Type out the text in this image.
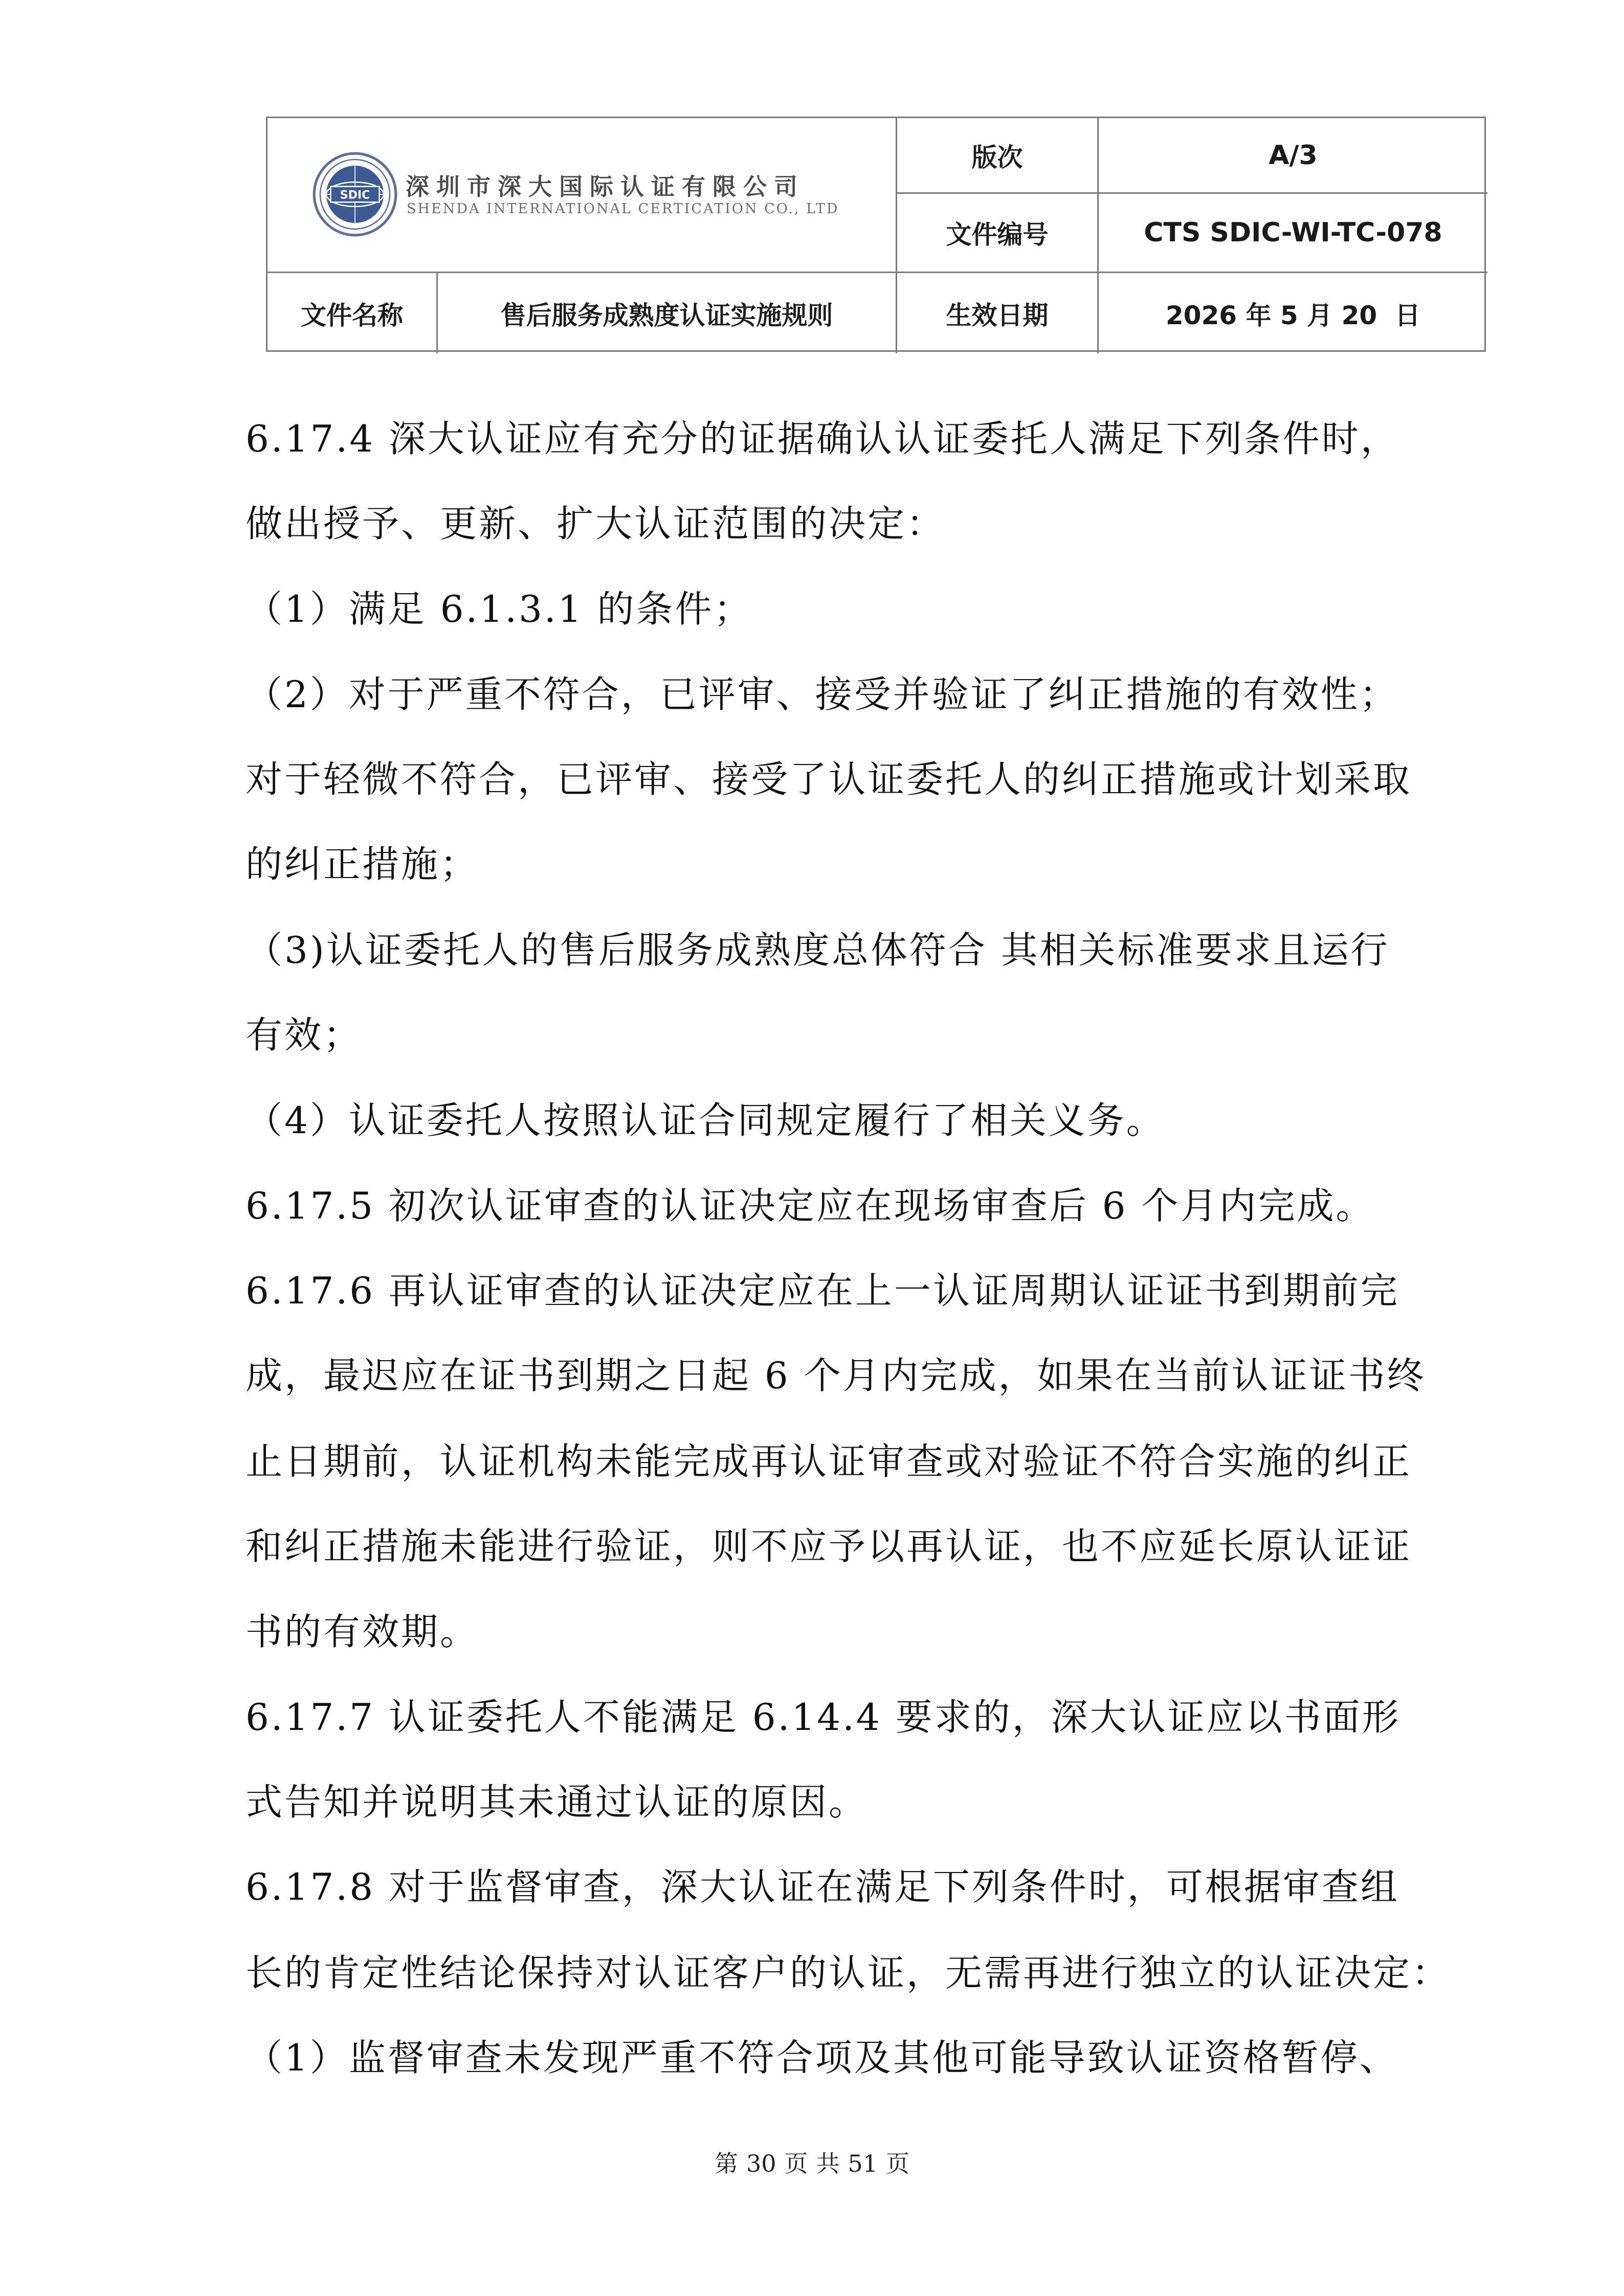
SDIC 深圳市深大国际认证有限公司
SHENDA INTERNATIONAL CERTICATION CO., LTD
版次	A/3
文件编号	CTS SDIC-WI-TC-078
文件名称	售后服务成熟度认证实施规则	生效日期	2026 年 5 月 20  日
6.17.4 深大认证应有充分的证据确认认证委托人满足下列条件时，
做出授予、更新、扩大认证范围的决定：
（1）满足 6.1.3.1 的条件；
（2）对于严重不符合，已评审、接受并验证了纠正措施的有效性；
对于轻微不符合，已评审、接受了认证委托人的纠正措施或计划采取
的纠正措施；
（3)认证委托人的售后服务成熟度总体符合 其相关标准要求且运行
有效；
（4）认证委托人按照认证合同规定履行了相关义务。
6.17.5 初次认证审查的认证决定应在现场审查后 6 个月内完成。
6.17.6 再认证审查的认证决定应在上一认证周期认证证书到期前完
成，最迟应在证书到期之日起 6 个月内完成，如果在当前认证证书终
止日期前，认证机构未能完成再认证审查或对验证不符合实施的纠正
和纠正措施未能进行验证，则不应予以再认证，也不应延长原认证证
书的有效期。
6.17.7 认证委托人不能满足 6.14.4 要求的，深大认证应以书面形
式告知并说明其未通过认证的原因。
6.17.8 对于监督审查，深大认证在满足下列条件时，可根据审查组
长的肯定性结论保持对认证客户的认证，无需再进行独立的认证决定：
（1）监督审查未发现严重不符合项及其他可能导致认证资格暂停、
第 30 页 共 51 页
